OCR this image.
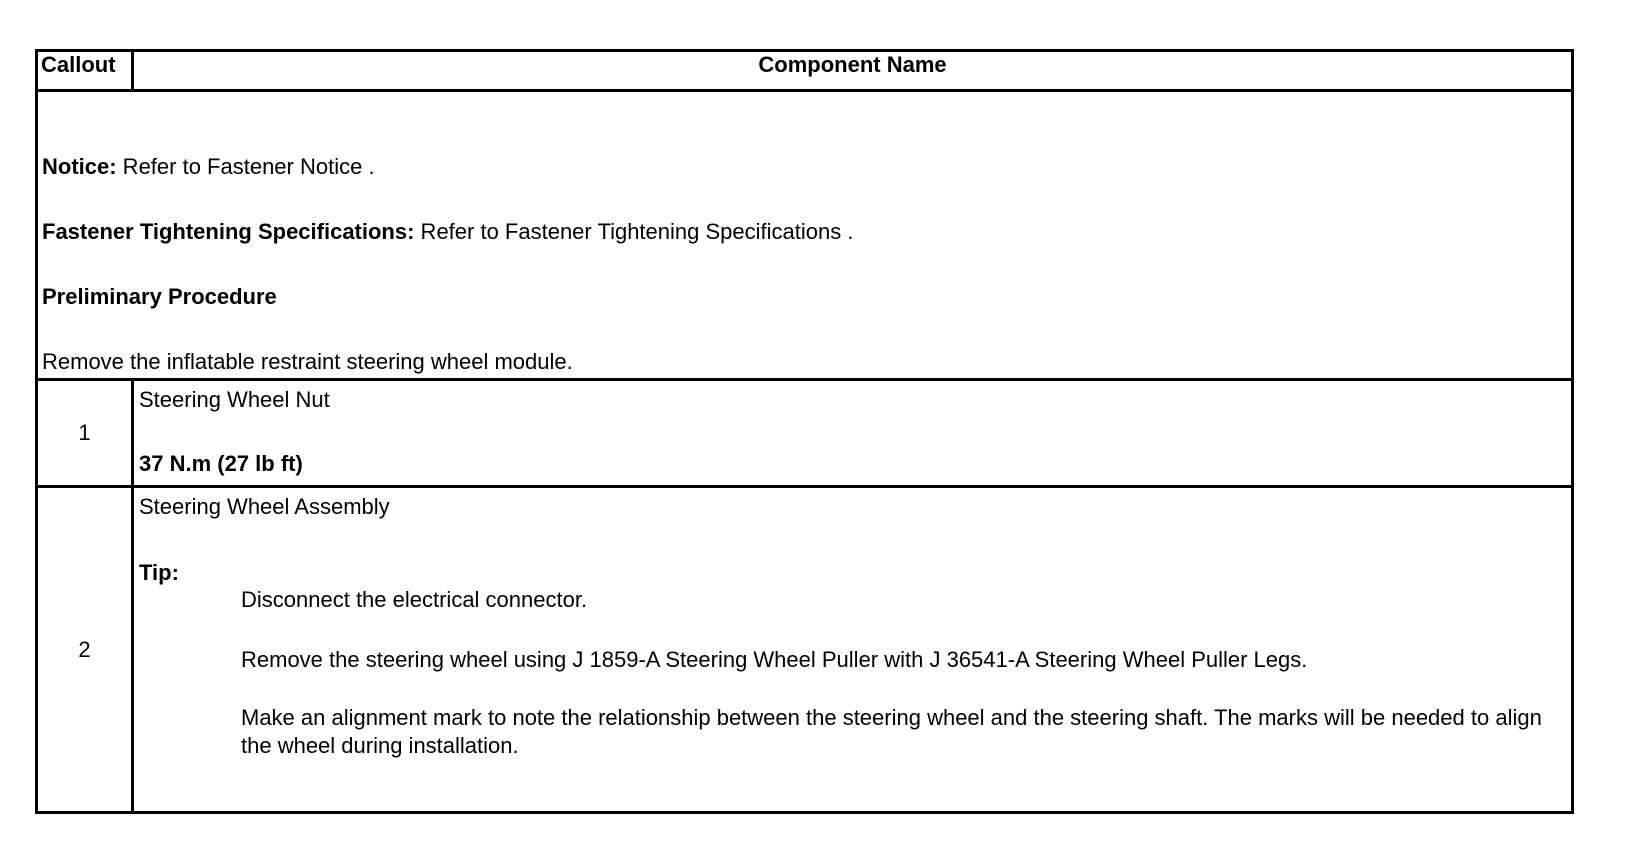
Callout	Component Name

Notice: Refer to Fastener Notice .
Fastener Tightening Specifications: Refer to Fastener Tightening Specifications .
Preliminary Procedure
Remove the inflatable restraint steering wheel module.	

1	Steering Wheel Nut
37 N.m (27 lb ft)

2	Steering Wheel Assembly
Tip:
Disconnect the electrical connector.
Remove the steering wheel using J 1859-A Steering Wheel Puller with J 36541-A Steering Wheel Puller Legs.
Make an alignment mark to note the relationship between the steering wheel and the steering shaft. The marks will be needed to align the wheel during installation.
